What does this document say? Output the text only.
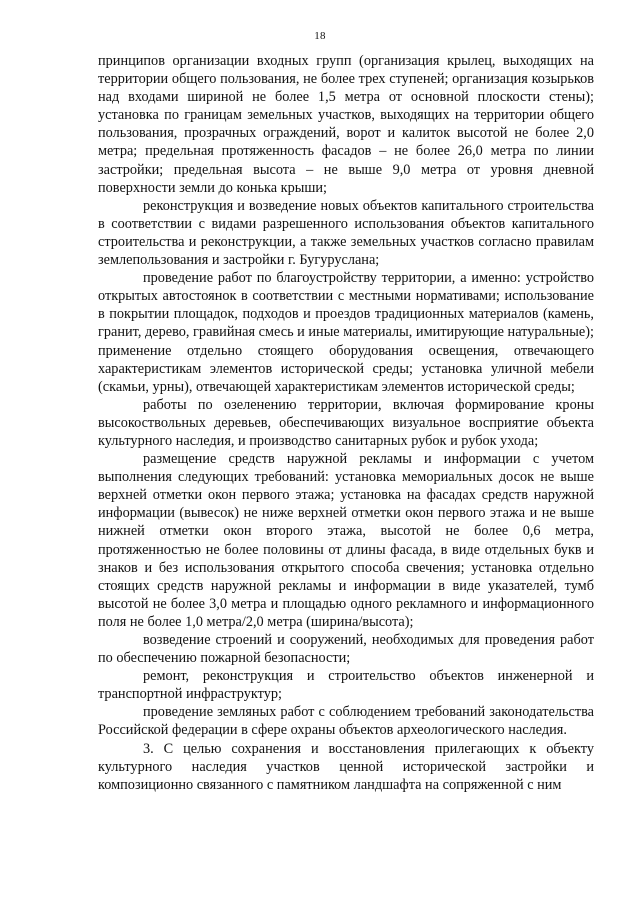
18

принципов организации входных групп (организация крылец, выходящих на территории общего пользования, не более трех ступеней; организация козырьков над входами шириной не более 1,5 метра от основной плоскости стены); установка по границам земельных участков, выходящих на территории общего пользования, прозрачных ограждений, ворот и калиток высотой не более 2,0 метра; предельная протяженность фасадов – не более 26,0 метра по линии застройки; предельная высота – не выше 9,0 метра от уровня дневной поверхности земли до конька крыши;

реконструкция и возведение новых объектов капитального строительства в соответствии с видами разрешенного использования объектов капитального строительства и реконструкции, а также земельных участков согласно правилам землепользования и застройки г. Бугуруслана;

проведение работ по благоустройству территории, а именно: устройство открытых автостоянок в соответствии с местными нормативами; использование в покрытии площадок, подходов и проездов традиционных материалов (камень, гранит, дерево, гравийная смесь и иные материалы, имитирующие натуральные); применение отдельно стоящего оборудования освещения, отвечающего характеристикам элементов исторической среды; установка уличной мебели (скамьи, урны), отвечающей характеристикам элементов исторической среды;

работы по озеленению территории, включая формирование кроны высокоствольных деревьев, обеспечивающих визуальное восприятие объекта культурного наследия, и производство санитарных рубок и рубок ухода;

размещение средств наружной рекламы и информации с учетом выполнения следующих требований: установка мемориальных досок не выше верхней отметки окон первого этажа; установка на фасадах средств наружной информации (вывесок) не ниже верхней отметки окон первого этажа и не выше нижней отметки окон второго этажа, высотой не более 0,6 метра, протяженностью не более половины от длины фасада, в виде отдельных букв и знаков и без использования открытого способа свечения; установка отдельно стоящих средств наружной рекламы и информации в виде указателей, тумб высотой не более 3,0 метра и площадью одного рекламного и информационного поля не более 1,0 метра/2,0 метра (ширина/высота);

возведение строений и сооружений, необходимых для проведения работ по обеспечению пожарной безопасности;

ремонт, реконструкция и строительство объектов инженерной и транспортной инфраструктур;

проведение земляных работ с соблюдением требований законодательства Российской федерации в сфере охраны объектов археологического наследия.

3. С целью сохранения и восстановления прилегающих к объекту культурного наследия участков ценной исторической застройки и композиционно связанного с памятником ландшафта на сопряженной с ним
